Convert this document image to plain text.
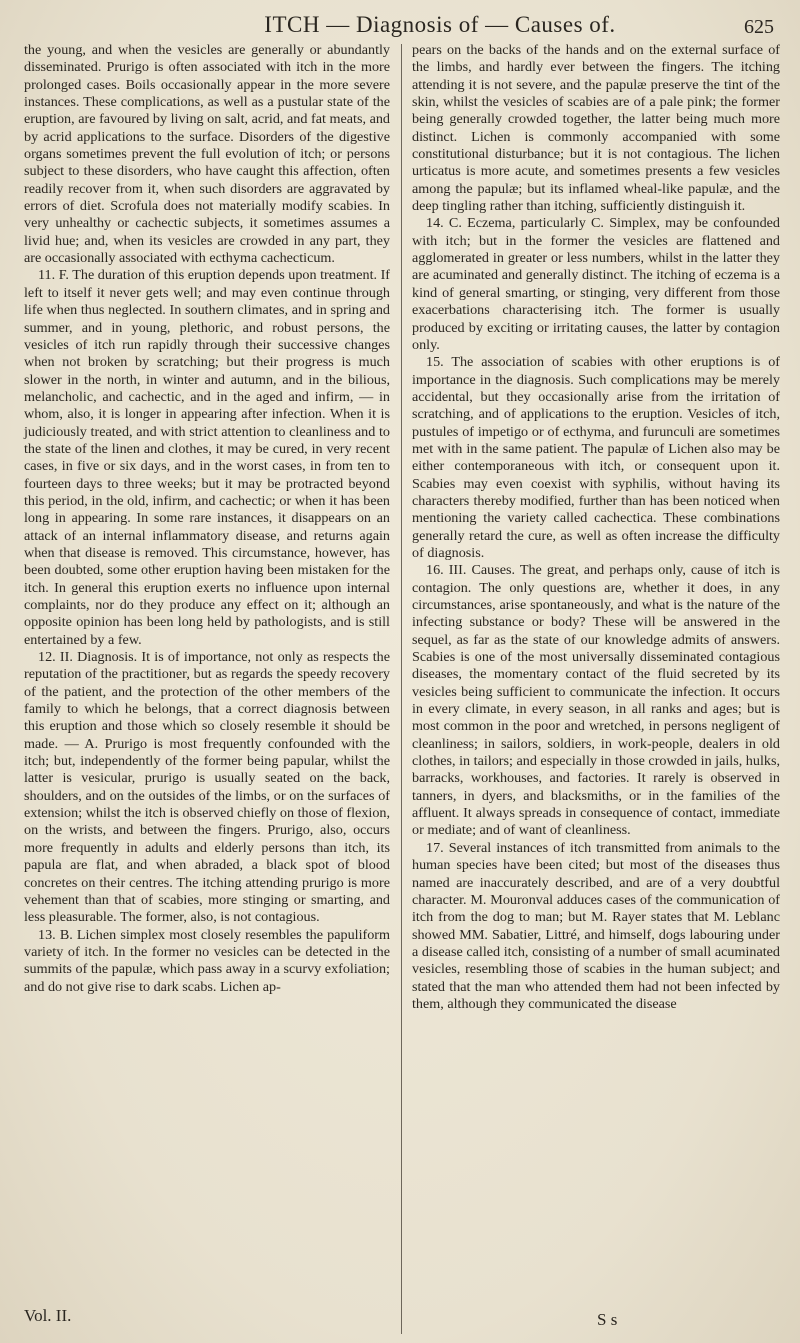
ITCH — Diagnosis of — Causes of.	625

the young, and when the vesicles are generally or abundantly disseminated. Prurigo is often associated with itch in the more prolonged cases. Boils occasionally appear in the more severe instances. These complications, as well as a pustular state of the eruption, are favoured by living on salt, acrid, and fat meats, and by acrid applications to the surface. Disorders of the digestive organs sometimes prevent the full evolution of itch; or persons subject to these disorders, who have caught this affection, often readily recover from it, when such disorders are aggravated by errors of diet. Scrofula does not materially modify scabies. In very unhealthy or cachectic subjects, it sometimes assumes a livid hue; and, when its vesicles are crowded in any part, they are occasionally associated with ecthyma cachecticum.

11. F. The duration of this eruption depends upon treatment. If left to itself it never gets well; and may even continue through life when thus neglected. In southern climates, and in spring and summer, and in young, plethoric, and robust persons, the vesicles of itch run rapidly through their successive changes when not broken by scratching; but their progress is much slower in the north, in winter and autumn, and in the bilious, melancholic, and cachectic, and in the aged and infirm, — in whom, also, it is longer in appearing after infection. When it is judiciously treated, and with strict attention to cleanliness and to the state of the linen and clothes, it may be cured, in very recent cases, in five or six days, and in the worst cases, in from ten to fourteen days to three weeks; but it may be protracted beyond this period, in the old, infirm, and cachectic; or when it has been long in appearing. In some rare instances, it disappears on an attack of an internal inflammatory disease, and returns again when that disease is removed. This circumstance, however, has been doubted, some other eruption having been mistaken for the itch. In general this eruption exerts no influence upon internal complaints, nor do they produce any effect on it; although an opposite opinion has been long held by pathologists, and is still entertained by a few.

12. II. Diagnosis. It is of importance, not only as respects the reputation of the practitioner, but as regards the speedy recovery of the patient, and the protection of the other members of the family to which he belongs, that a correct diagnosis between this eruption and those which so closely resemble it should be made. — A. Prurigo is most frequently confounded with the itch; but, independently of the former being papular, whilst the latter is vesicular, prurigo is usually seated on the back, shoulders, and on the outsides of the limbs, or on the surfaces of extension; whilst the itch is observed chiefly on those of flexion, on the wrists, and between the fingers. Prurigo, also, occurs more frequently in adults and elderly persons than itch, its papula are flat, and when abraded, a black spot of blood concretes on their centres. The itching attending prurigo is more vehement than that of scabies, more stinging or smarting, and less pleasurable. The former, also, is not contagious.

13. B. Lichen simplex most closely resembles the papuliform variety of itch. In the former no vesicles can be detected in the summits of the papulæ, which pass away in a scurvy exfoliation; and do not give rise to dark scabs. Lichen ap-

pears on the backs of the hands and on the external surface of the limbs, and hardly ever between the fingers. The itching attending it is not severe, and the papulæ preserve the tint of the skin, whilst the vesicles of scabies are of a pale pink; the former being generally crowded together, the latter being much more distinct. Lichen is commonly accompanied with some constitutional disturbance; but it is not contagious. The lichen urticatus is more acute, and sometimes presents a few vesicles among the papulæ; but its inflamed wheal-like papulæ, and the deep tingling rather than itching, sufficiently distinguish it.

14. C. Eczema, particularly C. Simplex, may be confounded with itch; but in the former the vesicles are flattened and agglomerated in greater or less numbers, whilst in the latter they are acuminated and generally distinct. The itching of eczema is a kind of general smarting, or stinging, very different from those exacerbations characterising itch. The former is usually produced by exciting or irritating causes, the latter by contagion only.

15. The association of scabies with other eruptions is of importance in the diagnosis. Such complications may be merely accidental, but they occasionally arise from the irritation of scratching, and of applications to the eruption. Vesicles of itch, pustules of impetigo or of ecthyma, and furunculi are sometimes met with in the same patient. The papulæ of Lichen also may be either contemporaneous with itch, or consequent upon it. Scabies may even coexist with syphilis, without having its characters thereby modified, further than has been noticed when mentioning the variety called cachectica. These combinations generally retard the cure, as well as often increase the difficulty of diagnosis.

16. III. Causes. The great, and perhaps only, cause of itch is contagion. The only questions are, whether it does, in any circumstances, arise spontaneously, and what is the nature of the infecting substance or body? These will be answered in the sequel, as far as the state of our knowledge admits of answers. Scabies is one of the most universally disseminated contagious diseases, the momentary contact of the fluid secreted by its vesicles being sufficient to communicate the infection. It occurs in every climate, in every season, in all ranks and ages; but is most common in the poor and wretched, in persons negligent of cleanliness; in sailors, soldiers, in work-people, dealers in old clothes, in tailors; and especially in those crowded in jails, hulks, barracks, workhouses, and factories. It rarely is observed in tanners, in dyers, and blacksmiths, or in the families of the affluent. It always spreads in consequence of contact, immediate or mediate; and of want of cleanliness.

17. Several instances of itch transmitted from animals to the human species have been cited; but most of the diseases thus named are inaccurately described, and are of a very doubtful character. M. Mouronval adduces cases of the communication of itch from the dog to man; but M. Rayer states that M. Leblanc showed MM. Sabatier, Littré, and himself, dogs labouring under a disease called itch, consisting of a number of small acuminated vesicles, resembling those of scabies in the human subject; and stated that the man who attended them had not been infected by them, although they communicated the disease

Vol. II.	S s
